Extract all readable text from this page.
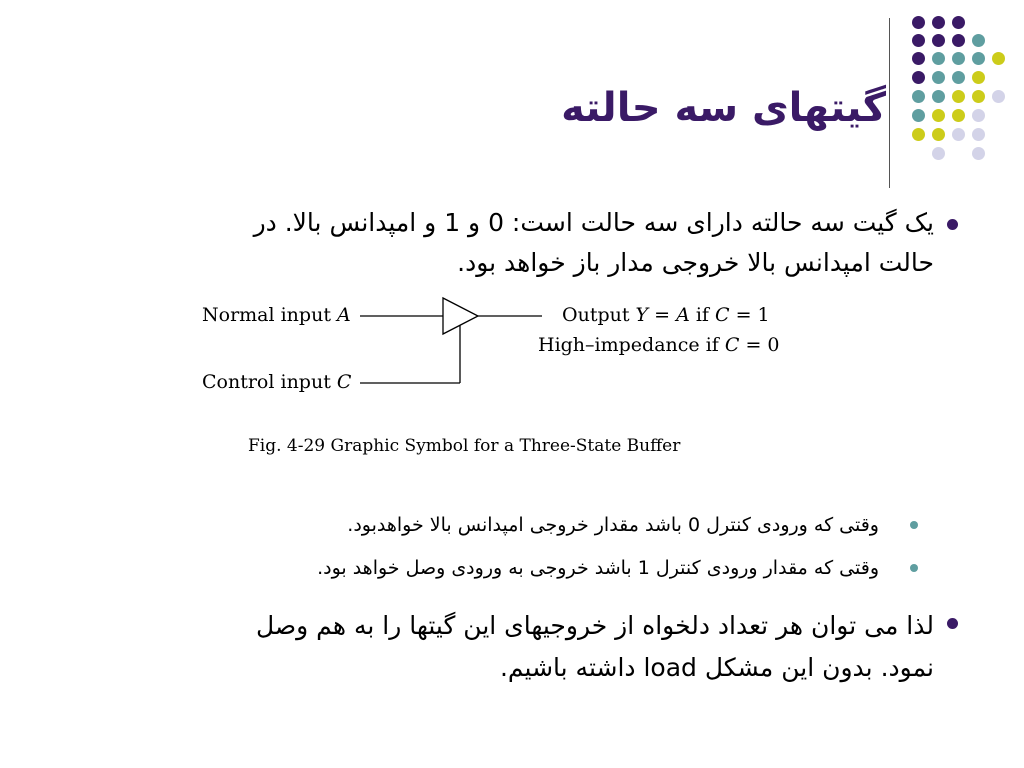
گیتهای سه حالته
یک گیت سه حالته دارای سه حالت است: 0 و 1 و امپدانس بالا. در
حالت امپدانس بالا خروجی مدار باز خواهد بود.
Normal input A
Control input C
Output Y = A if C = 1
High–impedance if C = 0
Fig. 4-29 Graphic Symbol for a Three-State Buffer
وقتی که ورودی کنترل 0 باشد مقدار خروجی امپدانس بالا خواهدبود.
وقتی که مقدار ورودی کنترل 1 باشد خروجی به ورودی وصل خواهد بود.
لذا می توان هر تعداد دلخواه از خروجیهای این گیتها را به هم وصل
نمود. بدون این مشکل load داشته باشیم.
